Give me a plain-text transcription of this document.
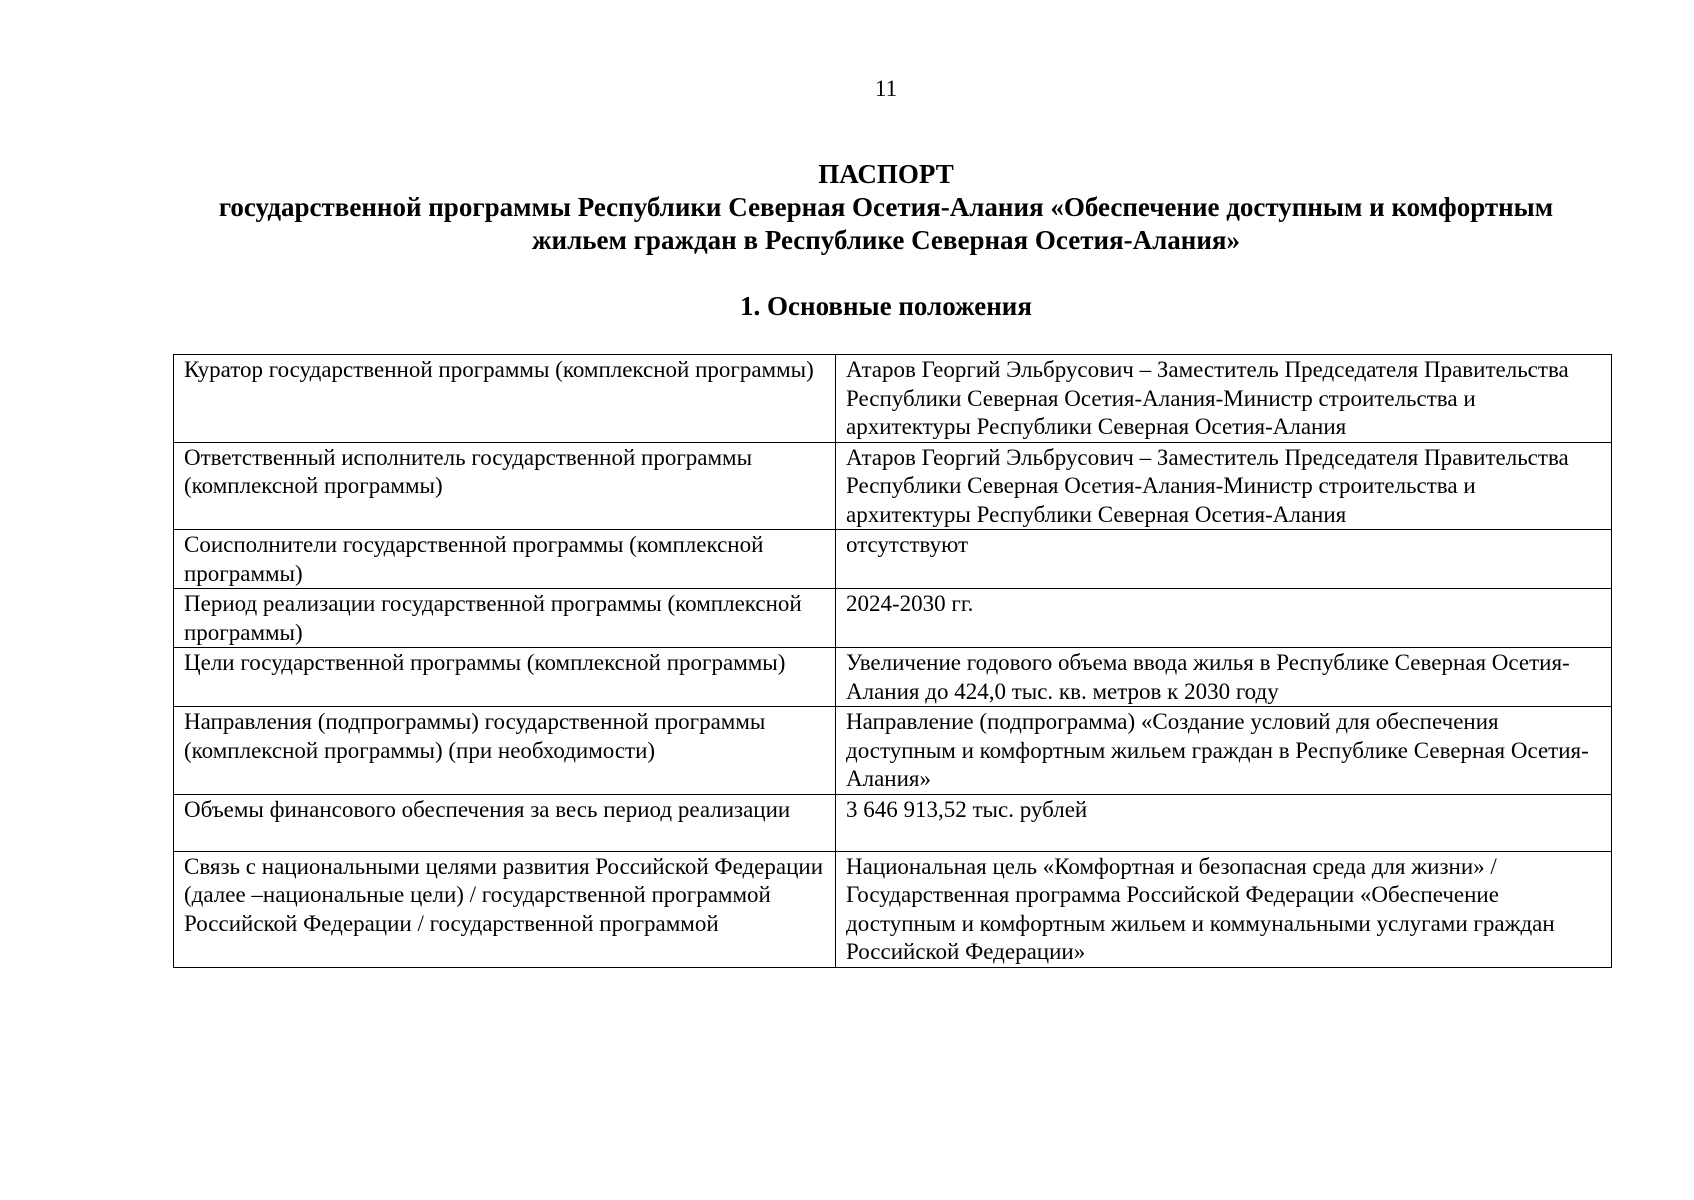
11
ПАСПОРТ
государственной программы Республики Северная Осетия-Алания «Обеспечение доступным и комфортным
жильем граждан в Республике Северная Осетия-Алания»
1. Основные положения
Куратор государственной программы (комплексной программы)	Атаров Георгий Эльбрусович – Заместитель Председателя Правительства Республики Северная Осетия-Алания-Министр строительства и архитектуры Республики Северная Осетия-Алания
Ответственный исполнитель государственной программы (комплексной программы)	Атаров Георгий Эльбрусович – Заместитель Председателя Правительства Республики Северная Осетия-Алания-Министр строительства и архитектуры Республики Северная Осетия-Алания
Соисполнители государственной программы (комплексной программы)	отсутствуют
Период реализации государственной программы (комплексной программы)	2024-2030 гг.
Цели государственной программы (комплексной программы)	Увеличение годового объема ввода жилья в Республике Северная Осетия-Алания до 424,0 тыс. кв. метров к 2030 году
Направления (подпрограммы) государственной программы (комплексной программы) (при необходимости)	Направление (подпрограмма) «Создание условий для обеспечения доступным и комфортным жильем граждан в Республике Северная Осетия-Алания»
Объемы финансового обеспечения за весь период реализации	3 646 913,52 тыс. рублей
Связь с национальными целями развития Российской Федерации (далее –национальные цели) / государственной программой Российской Федерации / государственной программой	Национальная цель «Комфортная и безопасная среда для жизни» / Государственная программа Российской Федерации «Обеспечение доступным и комфортным жильем и коммунальными услугами граждан Российской Федерации»
